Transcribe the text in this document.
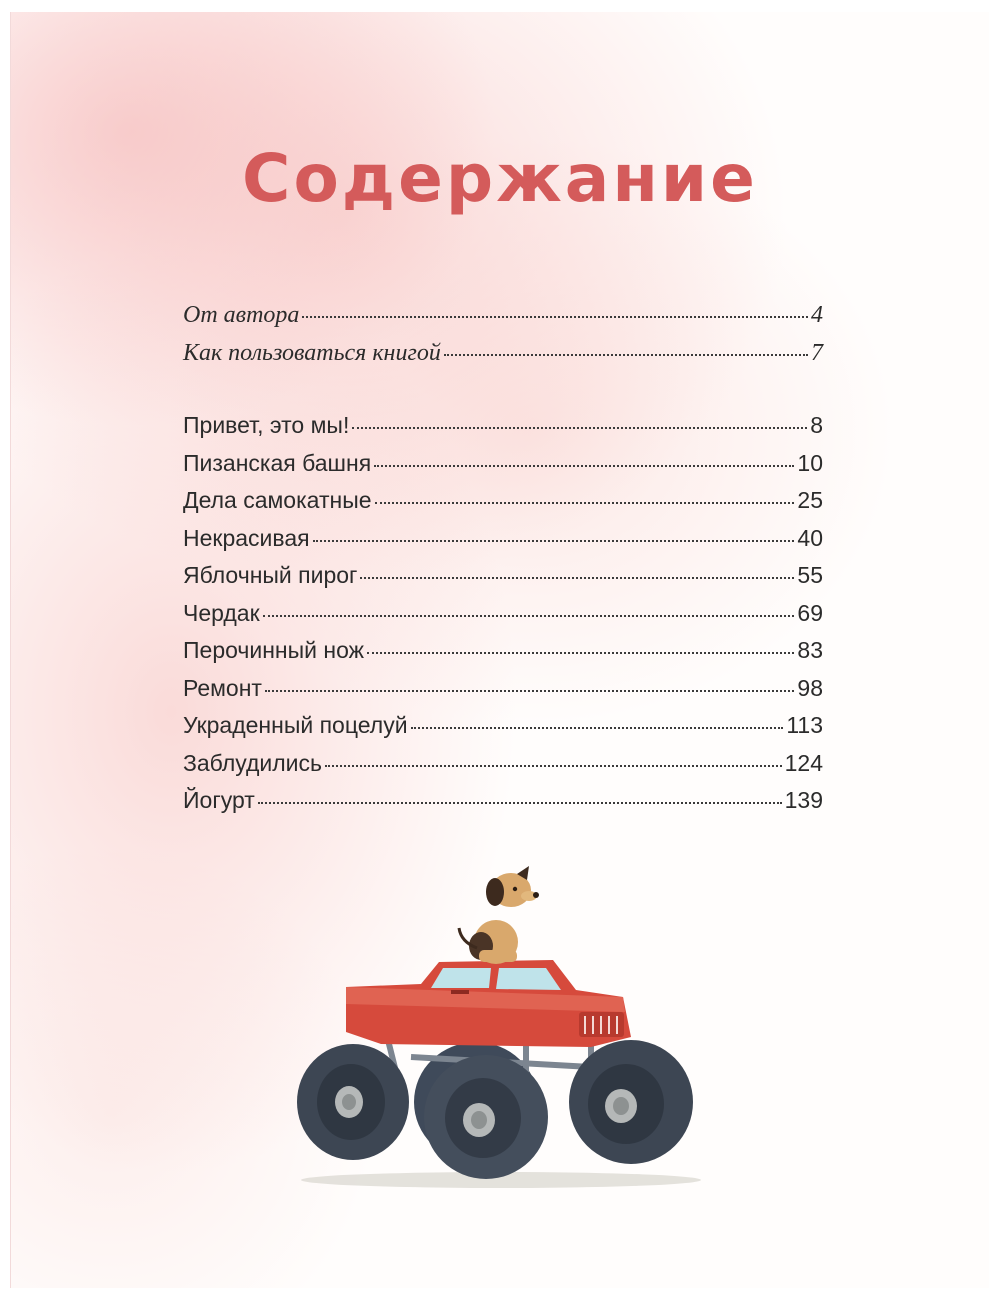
Содержание
От автора	4
Как пользоваться книгой	7
Привет, это мы!	8
Пизанская башня	10
Дела самокатные	25
Некрасивая	40
Яблочный пирог	55
Чердак	69
Перочинный нож	83
Ремонт	98
Украденный поцелуй	113
Заблудились	124
Йогурт	139
